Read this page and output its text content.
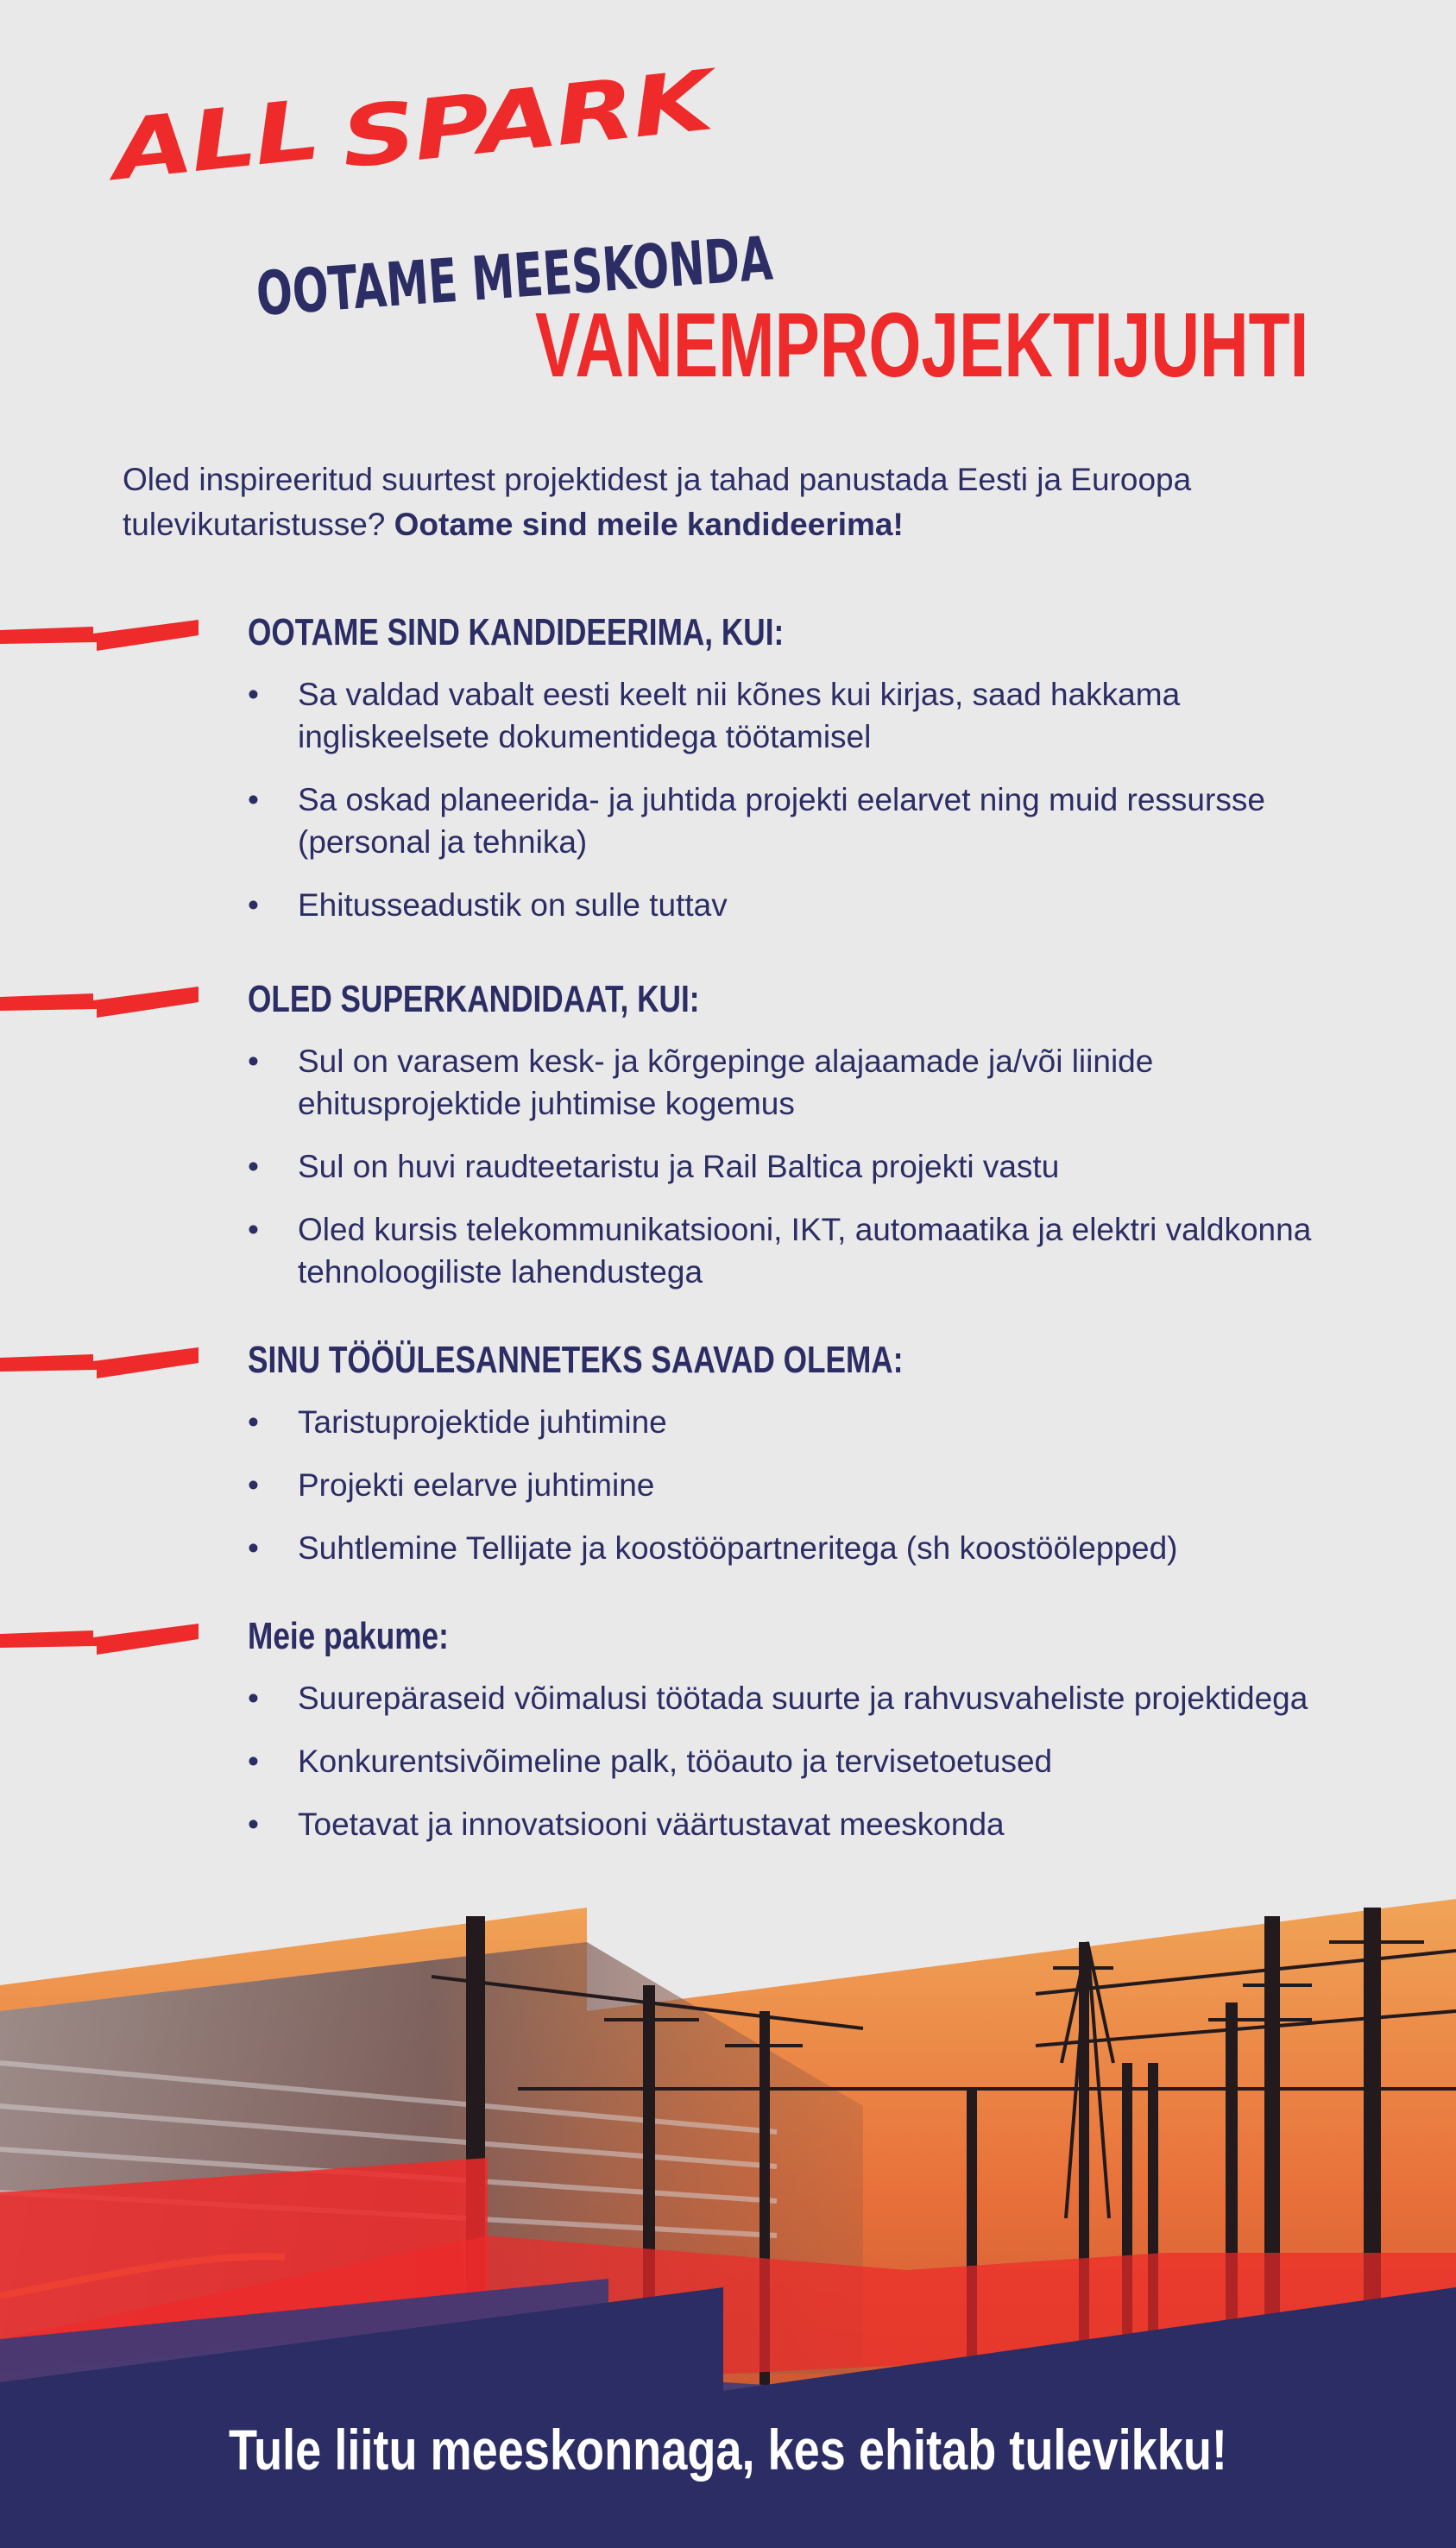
ALL SPARK
OOTAME MEESKONDA
VANEMPROJEKTIJUHTI
Oled inspireeritud suurtest projektidest ja tahad panustada Eesti ja Euroopa tulevikutaristusse? Ootame sind meile kandideerima!
OOTAME SIND KANDIDEERIMA, KUI:
• Sa valdad vabalt eesti keelt nii kõnes kui kirjas, saad hakkama ingliskeelsete dokumentidega töötamisel
• Sa oskad planeerida- ja juhtida projekti eelarvet ning muid ressursse (personal ja tehnika)
• Ehitusseadustik on sulle tuttav
OLED SUPERKANDIDAAT, KUI:
• Sul on varasem kesk- ja kõrgepinge alajaamade ja/või liinide ehitusprojektide juhtimise kogemus
• Sul on huvi raudteetaristu ja Rail Baltica projekti vastu
• Oled kursis telekommunikatsiooni, IKT, automaatika ja elektri valdkonna tehnoloogiliste lahendustega
SINU TÖÖÜLESANNETEKS SAAVAD OLEMA:
• Taristuprojektide juhtimine
• Projekti eelarve juhtimine
• Suhtlemine Tellijate ja koostööpartneritega (sh koostöölepped)
Meie pakume:
• Suurepäraseid võimalusi töötada suurte ja rahvusvaheliste projektidega
• Konkurentsivõimeline palk, tööauto ja tervisetoetused
• Toetavat ja innovatsiooni väärtustavat meeskonda
Tule liitu meeskonnaga, kes ehitab tulevikku!
